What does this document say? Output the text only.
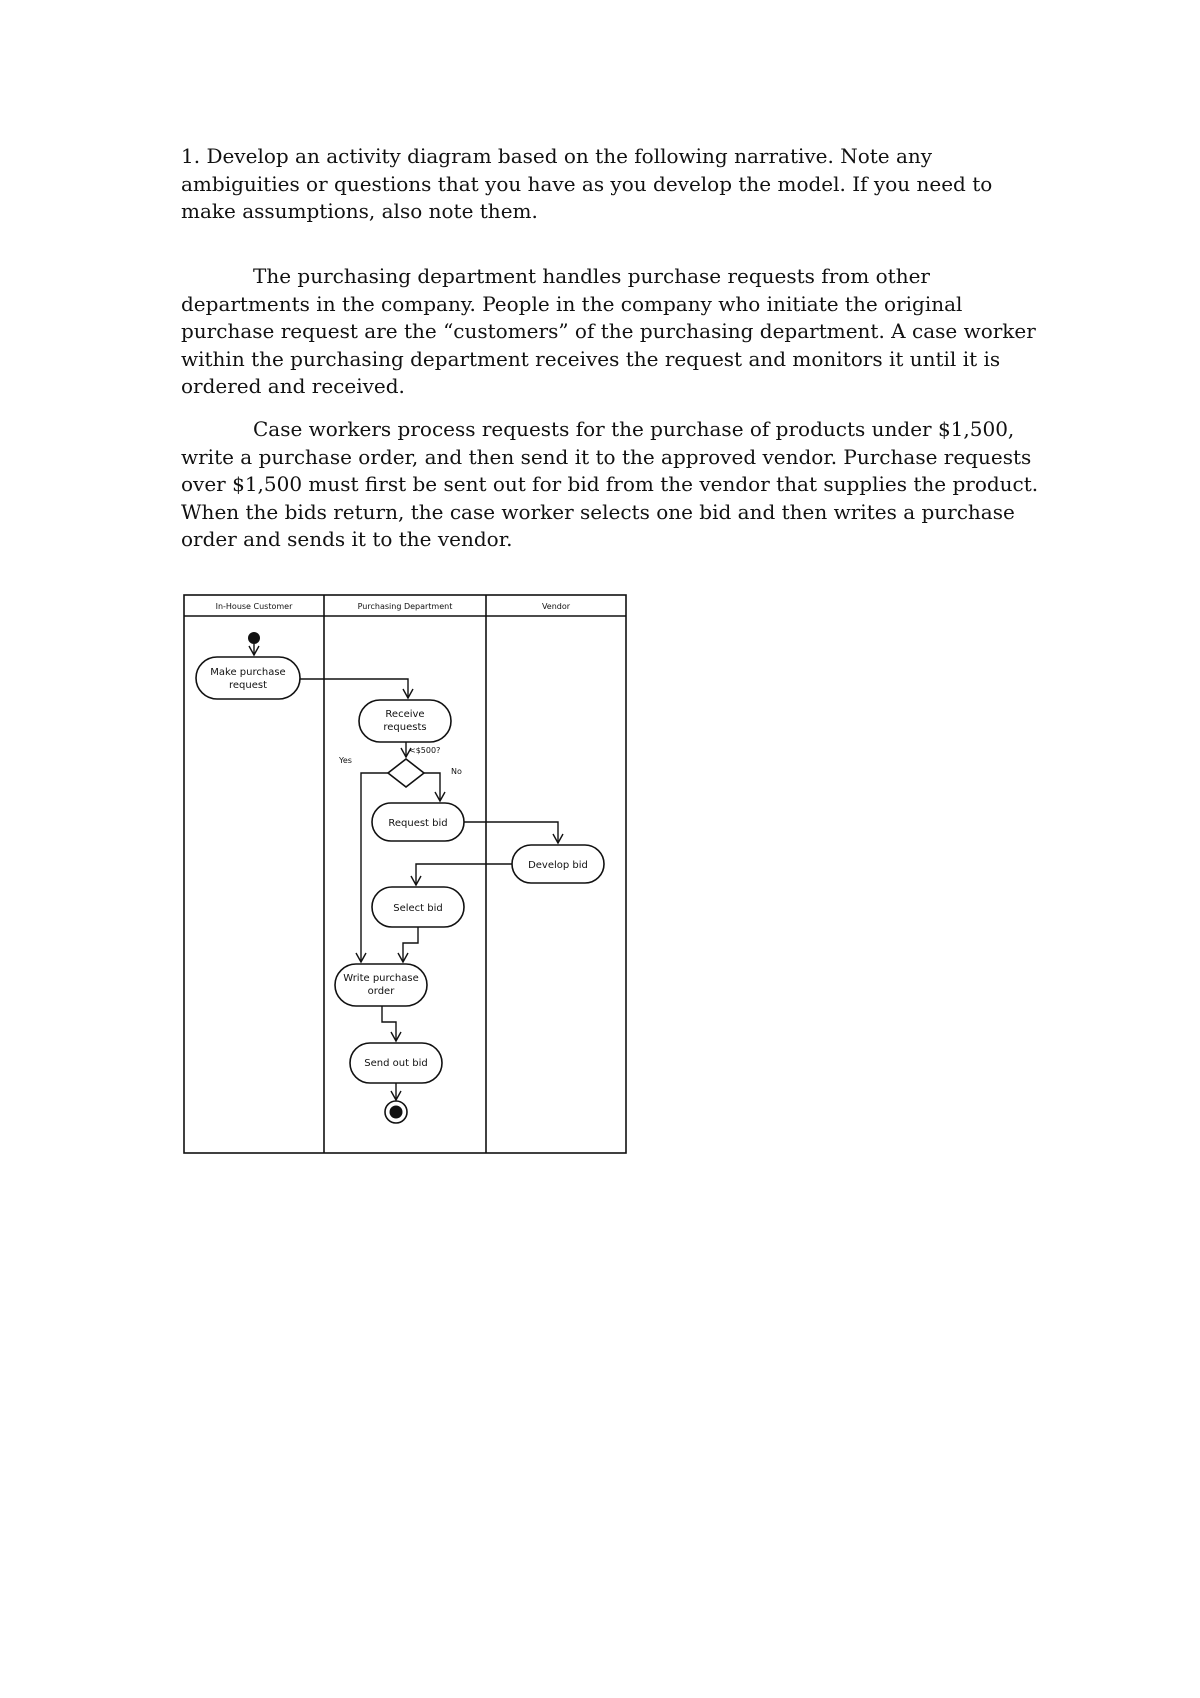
1. Develop an activity diagram based on the following narrative. Note any ambiguities or questions that you have as you develop the model. If you need to make assumptions, also note them.

The purchasing department handles purchase requests from other departments in the company. People in the company who initiate the original purchase request are the “customers” of the purchasing department. A case worker within the purchasing department receives the request and monitors it until it is ordered and received.

Case workers process requests for the purchase of products under $1,500, write a purchase order, and then send it to the approved vendor. Purchase requests over $1,500 must first be sent out for bid from the vendor that supplies the product. When the bids return, the case worker selects one bid and then writes a purchase order and sends it to the vendor.

In-House Customer	Purchasing Department	Vendor
Make purchase
request
Receive
requests
Request bid
Develop bid
Select bid
Write purchase
order
Send out bid
<$500?
Yes
No
